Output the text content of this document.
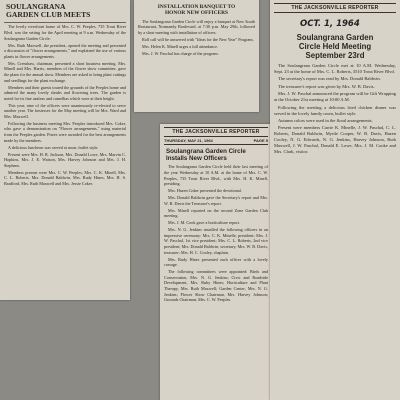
SOULANGRANA
GARDEN CLUB MEETS

The lovely riverfront home of Mrs. C. W. Peeples, 735 Trout River Blvd. was the setting for the April meeting at 9 a.m. Wednesday of the Soulangrana Garden Circle.

Mrs. Ruth Maxwell, the president, opened the meeting and presented a discussion of "flower arrangements," and explained the use of various plants in flower arrangements.

Mrs. Crenshaw, chairman, presented a short business meeting. Mrs. Minell and Mrs. Harris, members of the flower show committee, gave the plans for the annual show. Members are asked to bring plant cuttings and seedlings for the plant exchange.

Members and their guests toured the grounds of the Peeples home and admired the many lovely shrubs and flowering trees. The garden is noted for its fine azaleas and camellias which were at their height.

This year, nine of the officers were unanimously re-elected to serve another year. The hostesses for the May meeting will be Mrs. Ward and Mrs. Maxwell.

Following the business meeting Mrs. Peeples introduced Mrs. Coker, who gave a demonstration on "Flower arrangements," using material from the Peeples garden. Prizes were awarded for the best arrangements made by the members.

A delicious luncheon was served at noon, buffet style.

Present were Mrs. H. R. Jackson, Mrs. Donald Lowe, Mrs. Marvin C. Hopkins, Mrs. J. E. Watson, Mrs. Harvey Johnson and Mrs. J. H. Stephens.

Members present were Mrs. C. W. Peeples, Mrs. C. K. Minell, Mrs. C. L. Roberts, Mrs. Donald Baldwin, Mrs. Rudy Hines, Mrs. H. S. Bradford, Mrs. Ruth Maxwell and Mrs. Jessie Coker.

INSTALLATION BANQUET TO
HONOR NEW OFFICERS

The Soulangrana Garden Circle will enjoy a banquet at New South Restaurant, Normandy Boulevard, at 7:30 p.m. May 29th, followed by a short meeting with installation of officers.

Roll call will be answered with "Ideas for the New Year" Program.

Mrs. Helen K. Minell urges a full attendance.

Mrs. J. W. Paschal has charge of the program.

THE JACKSONVILLE REPORTER
THURSDAY, MAY 21, 1964	PAGE 5
Soulangrana Garden Circle
Installs New Officers

The Soulangrana Garden Circle held their last meeting of the year Wednesday at 10 A.M. at the home of Mrs. C. W. Peeples, 735 Trout River Blvd., with Mrs. H. K. Minell, presiding.

Mrs. Hazen Coker presented the devotional.

Mrs. Donald Baldwin gave the Secretary's report and Mrs. W. B. Davis the Treasurer's report.

Mrs. Minell reported on the second Zone Garden Club meeting.

Mrs. J. M. Cook gave a horticulture report.

Mrs. N. G. Jenkins installed the following officers in an impressive ceremony: Mrs. C. K. Minelle, president; Mrs. J. W. Paschal, 1st vice president; Mrs. C. L. Roberts, 2nd vice president; Mrs. Donald Baldwin, secretary; Mrs. W. B. Davis, treasurer; Mrs. H. C. Cooley, chaplain.

Mrs. Rudy Hines presented each officer with a lovely corsage.

The following committees were appointed: Birds and Conservation, Mrs. N. G. Jenkins; Civic and Roadside Development, Mrs. Ruby Hines; Horticulture and Plant Therapy, Mrs. Ruth Maxwell; Garden Center, Mrs. N. G. Jenkins; Flower Show Chairman, Mrs. Harvey Johnson; Grounds Chairman, Mrs. C. W. Peeples.

THE JACKSONVILLE REPORTER
OCT. 1, 1964
Soulangrana Garden
Circle Held Meeting
September 23rd

The Soulangrana Garden Circle met at 10 A.M. Wednesday, Sept. 23 at the home of Mrs. C. L. Roberts, 3510 Trout River Blvd.

The secretary's report was read by Mrs. Donald Baldwin.

The treasurer's report was given by Mrs. W. B. Davis.

Mrs. J. W. Paschal announced the program will be Gift Wrapping at the October 21st meeting at 10:00 A.M.

Following the meeting a delicious fried chicken dinner was served in the lovely family room, buffet style.

Autumn colors were used in the floral arrangements.

Present were members Carrie K. Minelle, J. W. Paschal, C. L. Roberts, Donald Baldwin, Myrtle Cooper, W. B. Davis, Hazen Cooley, N. G. Edwards, N. G. Jenkins, Harvey Johnson, Ruth Maxwell, J. W. Paschal, Donald E. Lowe, Mrs. J. M. Cooke and Mrs. Clark, visitor.
